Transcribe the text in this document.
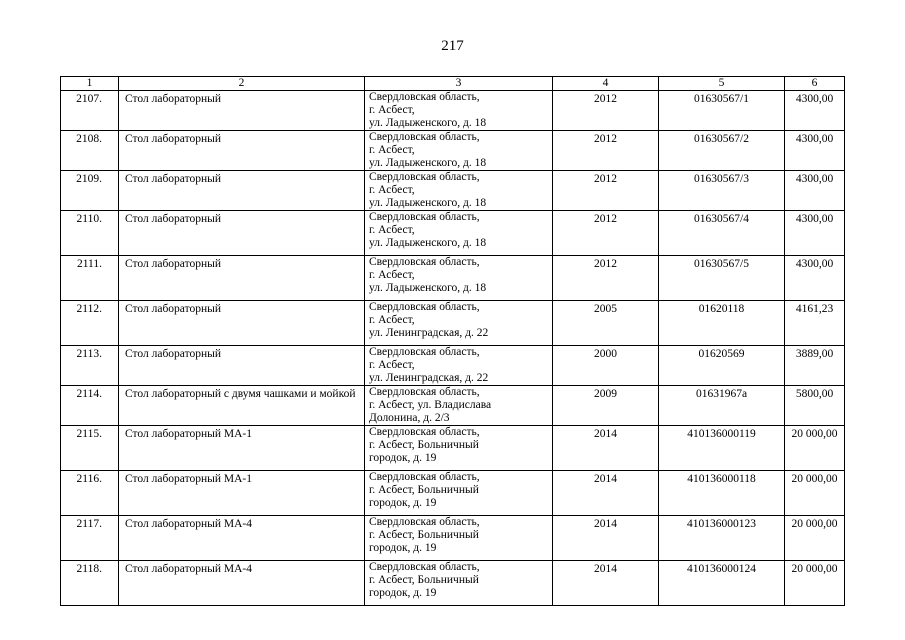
217
1	2	3	4	5	6
2107.	Стол лабораторный	Свердловская область,
г. Асбест,
ул. Ладыженского, д. 18	2012	01630567/1	4300,00
2108.	Стол лабораторный	Свердловская область,
г. Асбест,
ул. Ладыженского, д. 18	2012	01630567/2	4300,00
2109.	Стол лабораторный	Свердловская область,
г. Асбест,
ул. Ладыженского, д. 18	2012	01630567/3	4300,00
2110.	Стол лабораторный	Свердловская область,
г. Асбест,
ул. Ладыженского, д. 18	2012	01630567/4	4300,00
2111.	Стол лабораторный	Свердловская область,
г. Асбест,
ул. Ладыженского, д. 18	2012	01630567/5	4300,00
2112.	Стол лабораторный	Свердловская область,
г. Асбест,
ул. Ленинградская, д. 22	2005	01620118	4161,23
2113.	Стол лабораторный	Свердловская область,
г. Асбест,
ул. Ленинградская, д. 22	2000	01620569	3889,00
2114.	Стол лабораторный с двумя чашками и мойкой	Свердловская область,
г. Асбест, ул. Владислава
Долонина, д. 2/3	2009	01631967а	5800,00
2115.	Стол лабораторный МА-1	Свердловская область,
г. Асбест, Больничный
городок, д. 19	2014	410136000119	20 000,00
2116.	Стол лабораторный МА-1	Свердловская область,
г. Асбест, Больничный
городок, д. 19	2014	410136000118	20 000,00
2117.	Стол лабораторный МА-4	Свердловская область,
г. Асбест, Больничный
городок, д. 19	2014	410136000123	20 000,00
2118.	Стол лабораторный МА-4	Свердловская область,
г. Асбест, Больничный
городок, д. 19	2014	410136000124	20 000,00
